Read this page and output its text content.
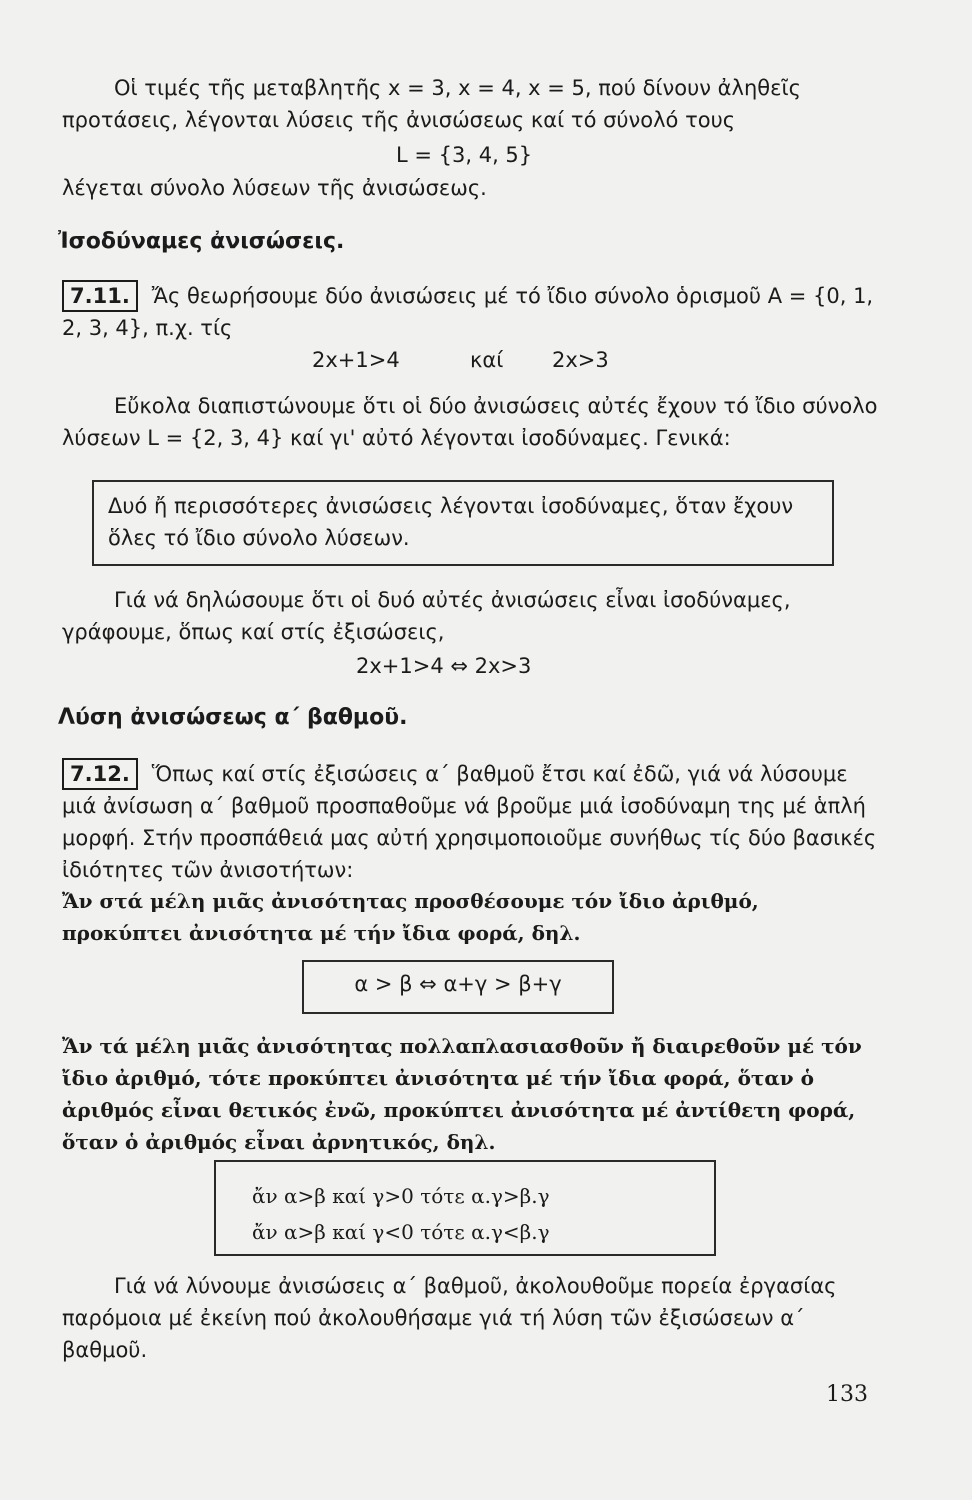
Οἱ τιμές τῆς μεταβλητῆς x = 3, x = 4, x = 5, πού δίνουν ἀληθεῖς προτάσεις, λέγονται λύσεις τῆς ἀνισώσεως καί τό σύνολό τους

L = {3, 4, 5}

λέγεται σύνολο λύσεων τῆς ἀνισώσεως.

Ἰσοδύναμες ἀνισώσεις.

7.11. Ἄς θεωρήσουμε δύο ἀνισώσεις μέ τό ἴδιο σύνολο ὁρισμοῦ A = {0, 1, 2, 3, 4}, π.χ. τίς

2x+1>4	καί 2x>3

Εὔκολα διαπιστώνουμε ὅτι οἱ δύο ἀνισώσεις αὐτές ἔχουν τό ἴδιο σύνολο λύσεων L = {2, 3, 4} καί γι' αὐτό λέγονται ἰσοδύναμες. Γενικά:

Δυό ἤ περισσότερες ἀνισώσεις λέγονται ἰσοδύναμες, ὅταν ἔχουν ὅλες τό ἴδιο σύνολο λύσεων.

Γιά νά δηλώσουμε ὅτι οἱ δυό αὐτές ἀνισώσεις εἶναι ἰσοδύναμες, γράφουμε, ὅπως καί στίς ἐξισώσεις,

2x+1>4 ⇔ 2x>3
Λύση ἀνισώσεως α΄ βαθμοῦ.

7.12. Ὅπως καί στίς ἐξισώσεις α΄ βαθμοῦ ἔτσι καί ἐδῶ, γιά νά λύσουμε μιά ἀνίσωση α΄ βαθμοῦ προσπαθοῦμε νά βροῦμε μιά ἰσοδύναμη της μέ ἁπλή μορφή. Στήν προσπάθειά μας αὐτή χρησιμοποιοῦμε συνήθως τίς δύο βασικές ἰδιότητες τῶν ἀνισοτήτων:

Ἄν στά μέλη μιᾶς ἀνισότητας προσθέσουμε τόν ἴδιο ἀριθμό, προκύπτει ἀνισότητα μέ τήν ἴδια φορά, δηλ.

α > β ⇔ α+γ > β+γ

Ἄν τά μέλη μιᾶς ἀνισότητας πολλαπλασιασθοῦν ἤ διαιρεθοῦν μέ τόν ἴδιο ἀριθμό, τότε προκύπτει ἀνισότητα μέ τήν ἴδια φορά, ὅταν ὁ ἀριθμός εἶναι θετικός ἐνῶ, προκύπτει ἀνισότητα μέ ἀντίθετη φορά, ὅταν ὁ ἀριθμός εἶναι ἀρνητικός, δηλ.

ἄν α>β καί γ>0 τότε α.γ>β.γ
ἄν α>β καί γ<0 τότε α.γ<β.γ

Γιά νά λύνουμε ἀνισώσεις α΄ βαθμοῦ, ἀκολουθοῦμε πορεία ἐργασίας παρόμοια μέ ἐκείνη πού ἀκολουθήσαμε γιά τή λύση τῶν ἐξισώσεων α΄ βαθμοῦ.

133
